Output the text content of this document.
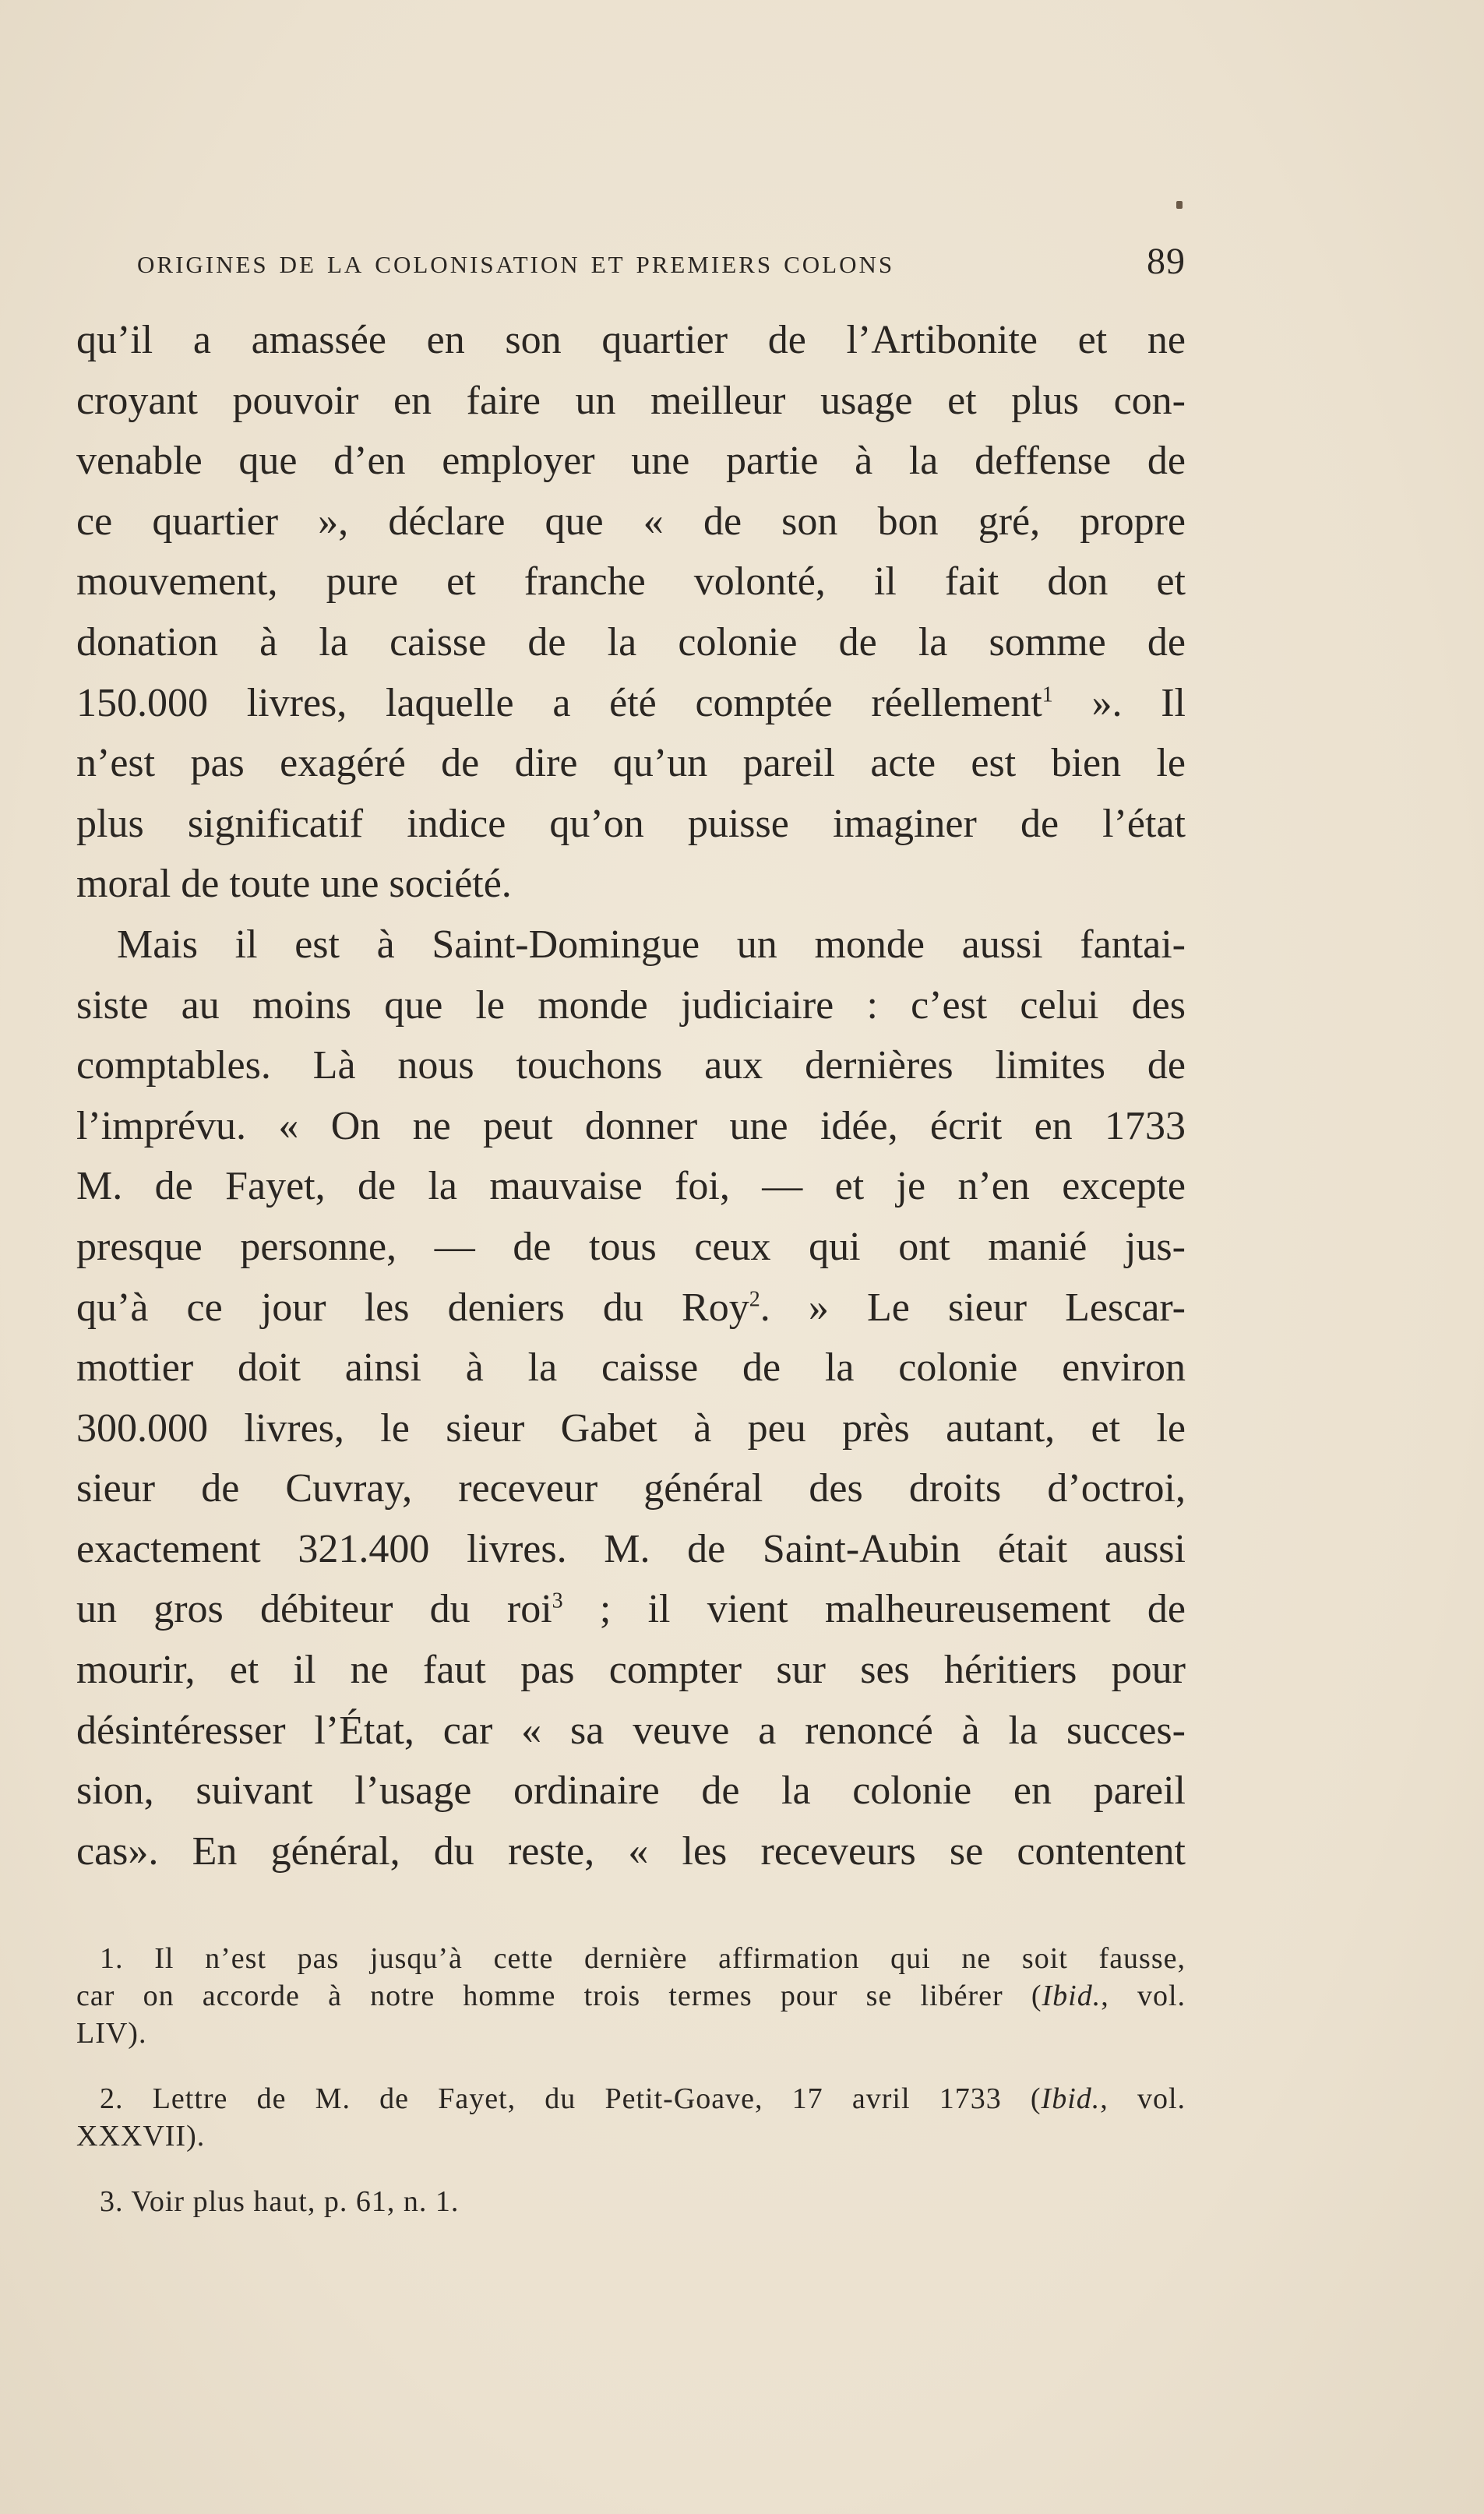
origines de la colonisation et premiers colons	89
qu’il a amassée en son quartier de l’Artibonite et ne
croyant pouvoir en faire un meilleur usage et plus con-
venable que d’en employer une partie à la deffense de
ce quartier », déclare que « de son bon gré, propre
mouvement, pure et franche volonté, il fait don et
donation à la caisse de la colonie de la somme de
150.000 livres, laquelle a été comptée réellement$^1$ ». Il
n’est pas exagéré de dire qu’un pareil acte est bien le
plus significatif indice qu’on puisse imaginer de l’état
moral de toute une société.
Mais il est à Saint-Domingue un monde aussi fantai-
siste au moins que le monde judiciaire : c’est celui des
comptables. Là nous touchons aux dernières limites de
l’imprévu. « On ne peut donner une idée, écrit en 1733
M. de Fayet, de la mauvaise foi, — et je n’en excepte
presque personne, — de tous ceux qui ont manié jus-
qu’à ce jour les deniers du Roy$^2$. » Le sieur Lescar-
mottier doit ainsi à la caisse de la colonie environ
300.000 livres, le sieur Gabet à peu près autant, et le
sieur de Cuvray, receveur général des droits d’octroi,
exactement 321.400 livres. M. de Saint-Aubin était aussi
un gros débiteur du roi$^3$ ; il vient malheureusement de
mourir, et il ne faut pas compter sur ses héritiers pour
désintéresser l’État, car « sa veuve a renoncé à la succes-
sion, suivant l’usage ordinaire de la colonie en pareil
cas». En général, du reste, « les receveurs se contentent
1. Il n’est pas jusqu’à cette dernière affirmation qui ne soit fausse,
car on accorde à notre homme trois termes pour se libérer (Ibid., vol.
LIV).
2. Lettre de M. de Fayet, du Petit-Goave, 17 avril 1733 (Ibid., vol.
XXXVII).
3. Voir plus haut, p. 61, n. 1.
